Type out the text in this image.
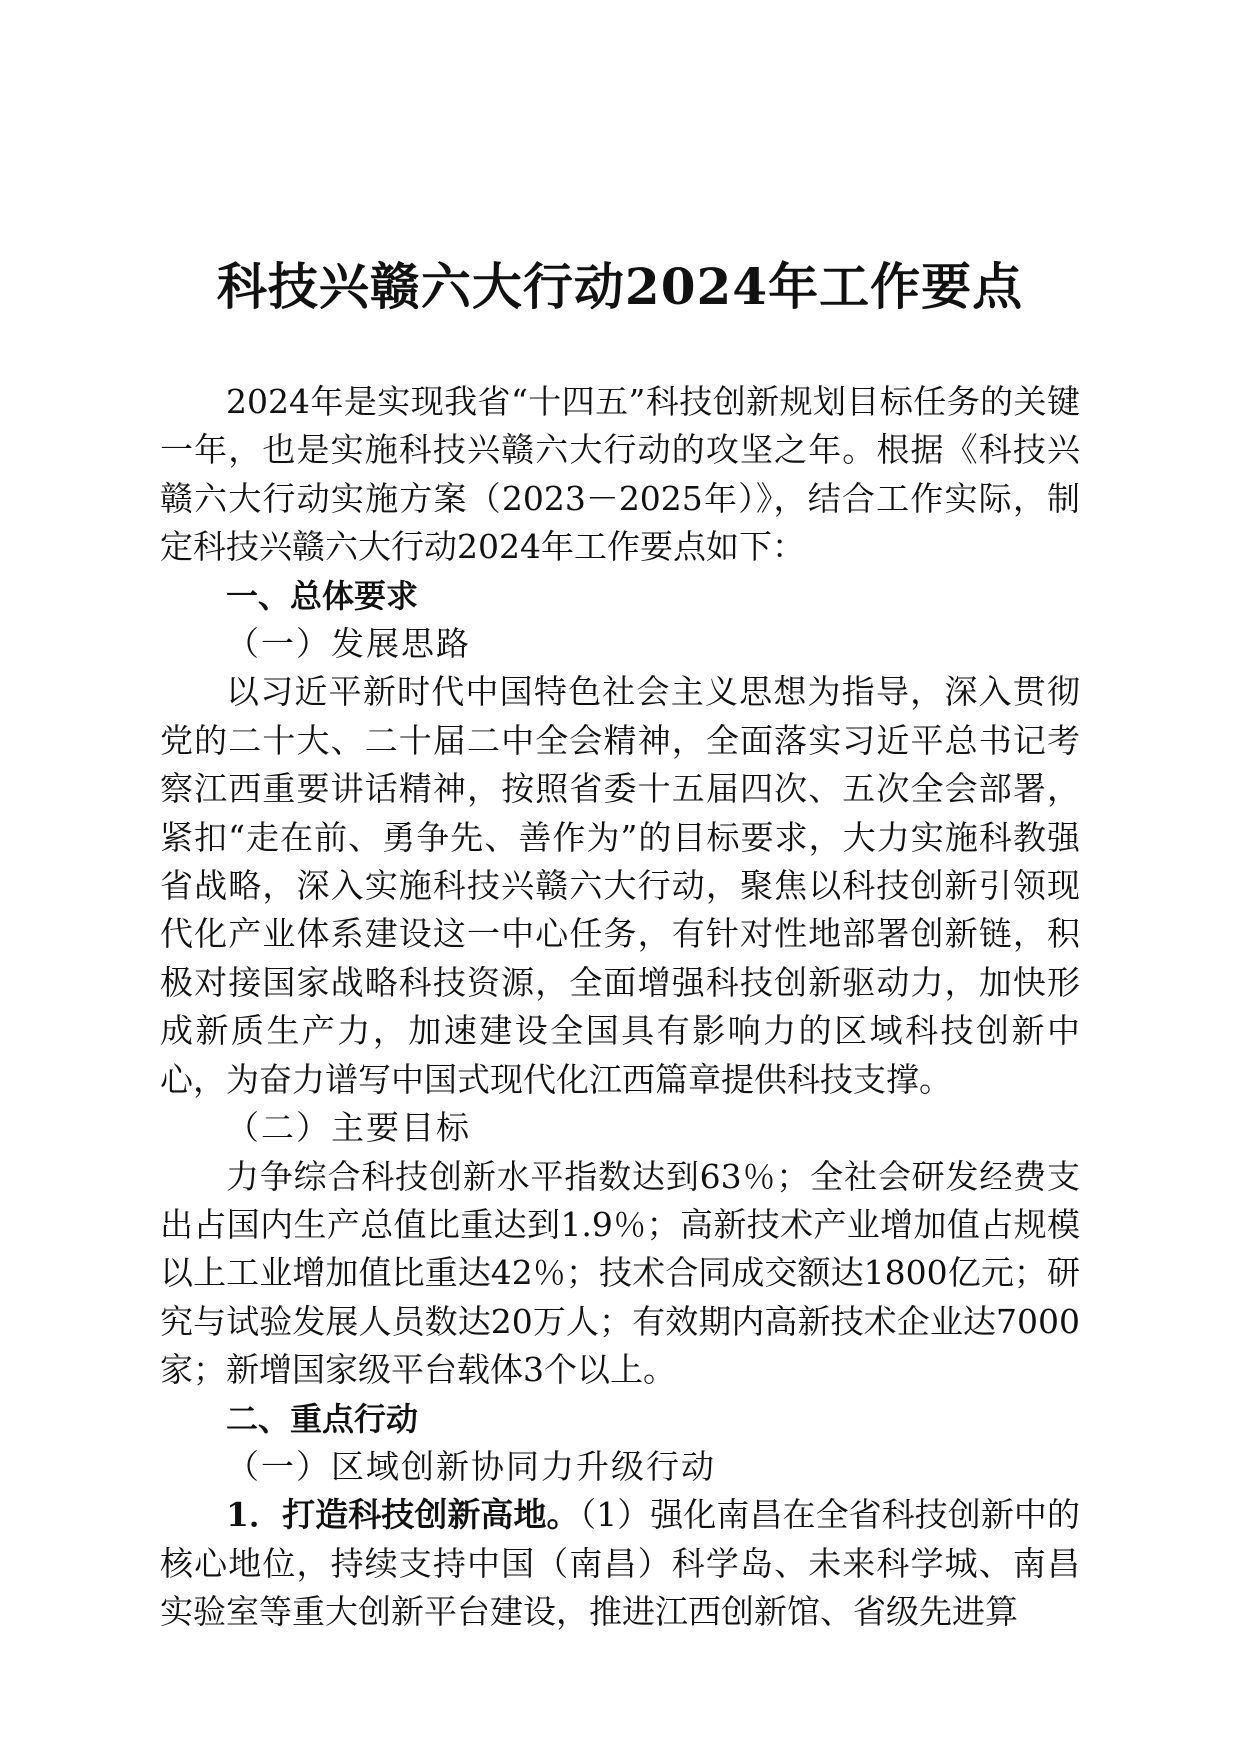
科技兴赣六大行动2024年工作要点

2024年是实现我省“十四五”科技创新规划目标任务的关键一年，也是实施科技兴赣六大行动的攻坚之年。根据《科技兴赣六大行动实施方案（2023－2025年）》，结合工作实际，制定科技兴赣六大行动2024年工作要点如下：

一、总体要求

（一）发展思路

以习近平新时代中国特色社会主义思想为指导，深入贯彻党的二十大、二十届二中全会精神，全面落实习近平总书记考察江西重要讲话精神，按照省委十五届四次、五次全会部署，紧扣“走在前、勇争先、善作为”的目标要求，大力实施科教强省战略，深入实施科技兴赣六大行动，聚焦以科技创新引领现代化产业体系建设这一中心任务，有针对性地部署创新链，积极对接国家战略科技资源，全面增强科技创新驱动力，加快形成新质生产力，加速建设全国具有影响力的区域科技创新中心，为奋力谱写中国式现代化江西篇章提供科技支撑。

（二）主要目标

力争综合科技创新水平指数达到63％；全社会研发经费支出占国内生产总值比重达到1.9％；高新技术产业增加值占规模以上工业增加值比重达42％；技术合同成交额达1800亿元；研究与试验发展人员数达20万人；有效期内高新技术企业达7000家；新增国家级平台载体3个以上。

二、重点行动

（一）区域创新协同力升级行动

1．打造科技创新高地。（1）强化南昌在全省科技创新中的核心地位，持续支持中国（南昌）科学岛、未来科学城、南昌实验室等重大创新平台建设，推进江西创新馆、省级先进算
